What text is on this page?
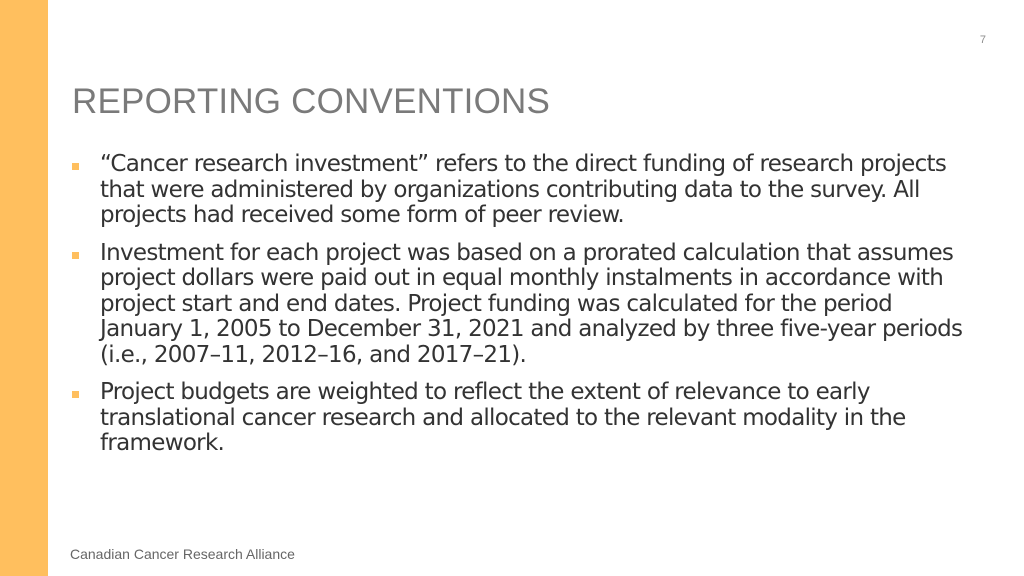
7
REPORTING CONVENTIONS
“Cancer research investment” refers to the direct funding of research projects that were administered by organizations contributing data to the survey. All projects had received some form of peer review.
Investment for each project was based on a prorated calculation that assumes project dollars were paid out in equal monthly instalments in accordance with project start and end dates. Project funding was calculated for the period January 1, 2005 to December 31, 2021 and analyzed by three five-year periods (i.e., 2007–11, 2012–16, and 2017–21).
Project budgets are weighted to reflect the extent of relevance to early translational cancer research and allocated to the relevant modality in the framework.
Canadian Cancer Research Alliance
